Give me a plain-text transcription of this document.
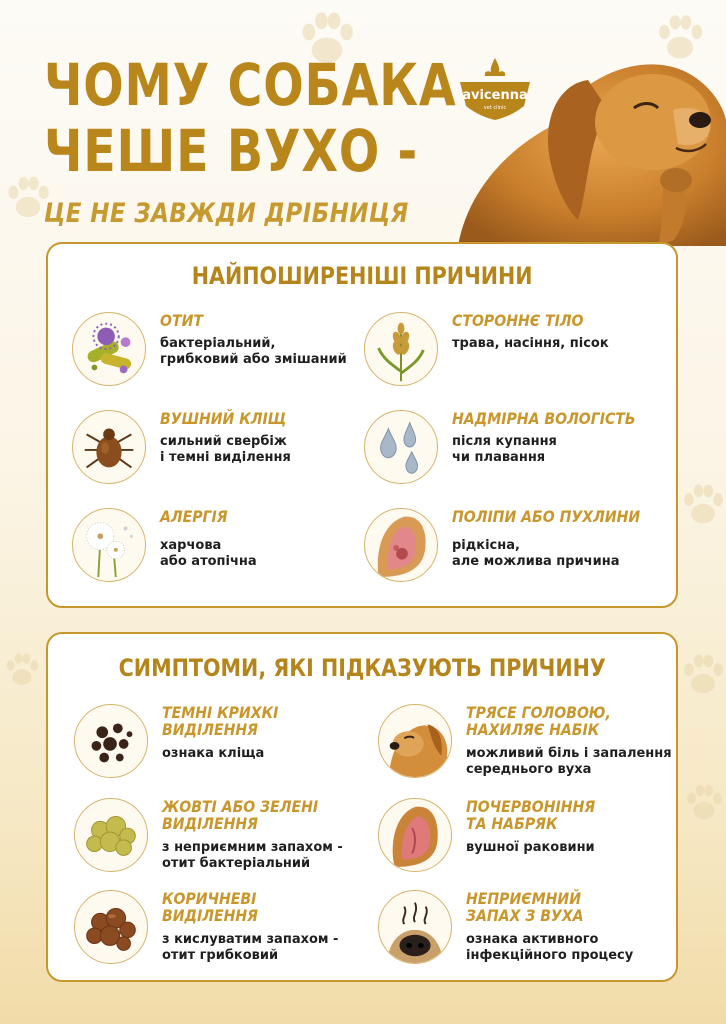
ЧОМУ СОБАКА
ЧЕШЕ ВУХО -
ЦЕ НЕ ЗАВЖДИ ДРІБНИЦЯ
avicenna
vet clinic
НАЙПОШИРЕНІШІ ПРИЧИНИ
ОТИТ
бактеріальний,
грибковий або змішаний
СТОРОННЄ ТІЛО
трава, насіння, пісок
ВУШНИЙ КЛІЩ
сильний свербіж
і темні виділення
НАДМІРНА ВОЛОГІСТЬ
після купання
чи плавання
АЛЕРГІЯ
харчова
або атопічна
ПОЛІПИ АБО ПУХЛИНИ
рідкісна,
але можлива причина
СИМПТОМИ, ЯКІ ПІДКАЗУЮТЬ ПРИЧИНУ
ТЕМНІ КРИХКІ
ВИДІЛЕННЯ
ознака кліща
ТРЯСЕ ГОЛОВОЮ,
НАХИЛЯЄ НАБІК
можливий біль і запалення
середнього вуха
ЖОВТІ АБО ЗЕЛЕНІ
ВИДІЛЕННЯ
з неприємним запахом -
отит бактеріальний
ПОЧЕРВОНІННЯ
ТА НАБРЯК
вушної раковини
КОРИЧНЕВІ
ВИДІЛЕННЯ
з кислуватим запахом -
отит грибковий
НЕПРИЄМНИЙ
ЗАПАХ З ВУХА
ознака активного
інфекційного процесу
